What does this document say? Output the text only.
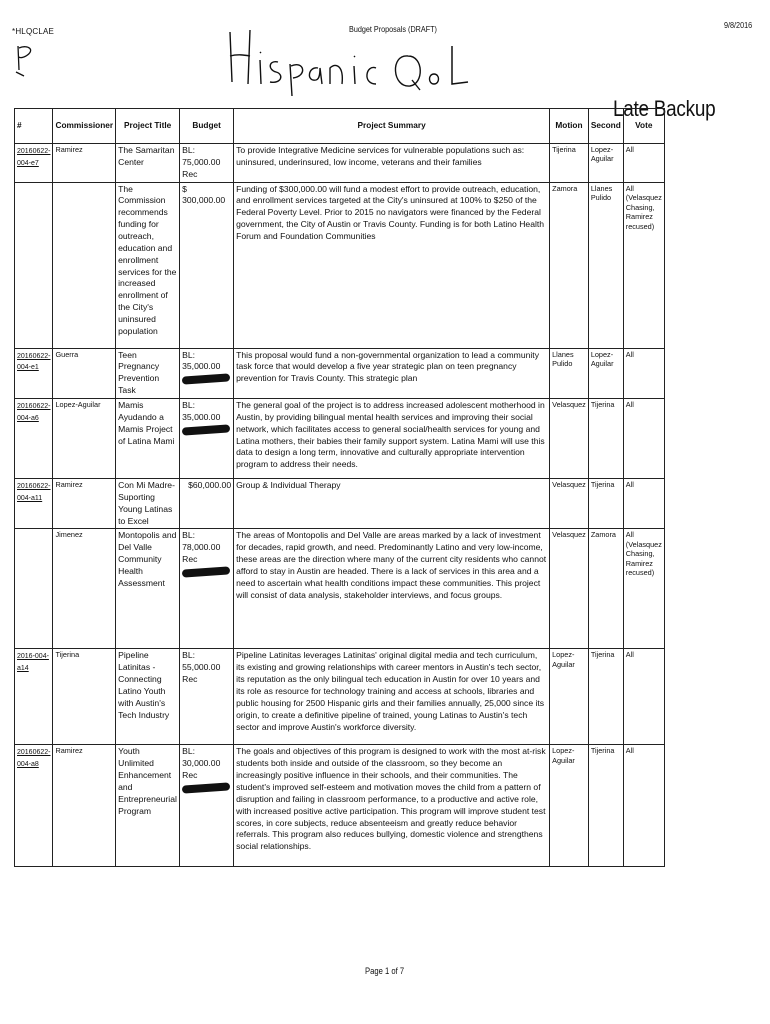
*HLQCLAE	Budget Proposals (DRAFT)	9/8/2016
Late Backup
#	Commissioner	Project Title	Budget	Project Summary	Motion	Second	Vote
20160622-004-e7	Ramirez	The Samaritan Center	BL: 75,000.00 Rec	To provide Integrative Medicine services for vulnerable populations such as: uninsured, underinsured, low income, veterans and their families	Tijerina	Lopez-Aguilar	All
		The Commission recommends funding for outreach, education and enrollment services for the increased enrollment of the City's uninsured population	$ 300,000.00	Funding of $300,000.00 will fund a modest effort to provide outreach, education, and enrollment services targeted at the City's uninsured at 100% to $250 of the Federal Poverty Level. Prior to 2015 no navigators were financed by the Federal government, the City of Austin or Travis County. Funding is for both Latino Health Forum and Foundation Communities	Zamora	Llanes Pulido	All (Velasquez Chasing, Ramirez recused)
20160622-004-e1	Guerra	Teen Pregnancy Prevention Task	BL: 35,000.00	This proposal would fund a non-governmental organization to lead a community task force that would develop a five year strategic plan on teen pregnancy prevention for Travis County. This strategic plan	Llanes Pulido	Lopez-Aguilar	All
20160622-004-a6	Lopez-Aguilar	Mamis Ayudando a Mamis Project of Latina Mami	BL: 35,000.00	The general goal of the project is to address increased adolescent motherhood in Austin, by providing bilingual mental health services and improving their social network, which facilitates access to general social/health services for young and Latina mothers, their babies their family support system. Latina Mami will use this data to design a long term, innovative and culturally appropriate intervention program to address their needs.	Velasquez	Tijerina	All
20160622-004-a11	Ramirez	Con Mi Madre-Suporting Young Latinas to Excel	$60,000.00	Group & Individual Therapy	Velasquez	Tijerina	All
	Jimenez	Montopolis and Del Valle Community Health Assessment	BL: 78,000.00 Rec	The areas of Montopolis and Del Valle are areas marked by a lack of investment for decades, rapid growth, and need. Predominantly Latino and very low-income, these areas are the direction where many of the current city residents who cannot afford to stay in Austin are headed. There is a lack of services in this area and a need to ascertain what health conditions impact these communities. This project will consist of data analysis, stakeholder interviews, and focus groups.	Velasquez	Zamora	All (Velasquez Chasing, Ramirez recused)
2016-004-a14	Tijerina	Pipeline Latinitas - Connecting Latino Youth with Austin's Tech Industry	BL: 55,000.00 Rec	Pipeline Latinitas leverages Latinitas' original digital media and tech curriculum, its existing and growing relationships with career mentors in Austin's tech sector, its reputation as the only bilingual tech education in Austin for over 10 years and its role as resource for technology training and access at schools, libraries and public housing for 2500 Hispanic girls and their families annually, 25,000 since its origin, to create a definitive pipeline of trained, young Latinas to Austin's tech sector and improve Austin's workforce diversity.	Lopez-Aguilar	Tijerina	All
20160622-004-a8	Ramirez	Youth Unlimited Enhancement and Entrepreneurial Program	BL: 30,000.00 Rec	The goals and objectives of this program is designed to work with the most at-risk students both inside and outside of the classroom, so they become an increasingly positive influence in their schools, and their communities. The student's improved self-esteem and motivation moves the child from a pattern of disruption and failing in classroom performance, to a productive and active role, with increased positive active participation. This program will improve student test scores, in core subjects, reduce absenteeism and greatly reduce behavior referrals. This program also reduces bullying, domestic violence and strengthens social relationships.	Lopez-Aguilar	Tijerina	All
Page 1 of 7
